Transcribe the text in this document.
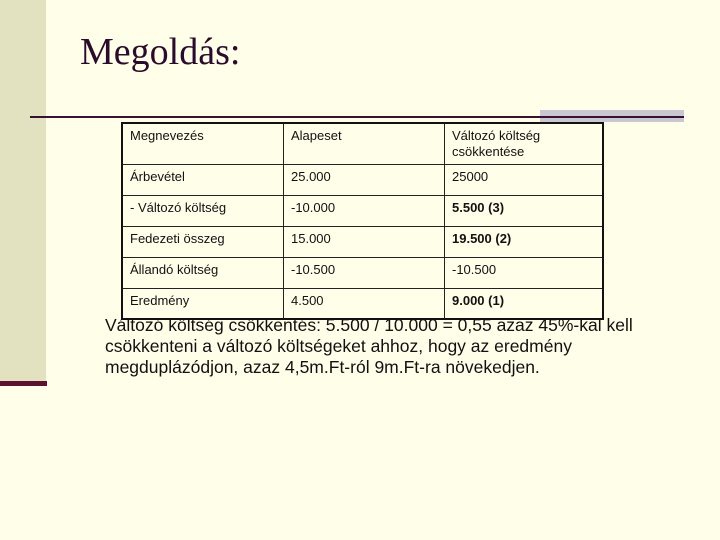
Megoldás:
Megnevezés	Alapeset	Változó költség csökkentése
Árbevétel	25.000	25000
- Változó költség	-10.000	5.500 (3)
Fedezeti összeg	15.000	19.500 (2)
Állandó költség	-10.500	-10.500
Eredmény	4.500	9.000 (1)
Változó költség csökkentés: 5.500 / 10.000 = 0,55 azaz 45%-kal kell csökkenteni a változó költségeket ahhoz, hogy az eredmény megduplázódjon, azaz 4,5m.Ft-ról 9m.Ft-ra növekedjen.
